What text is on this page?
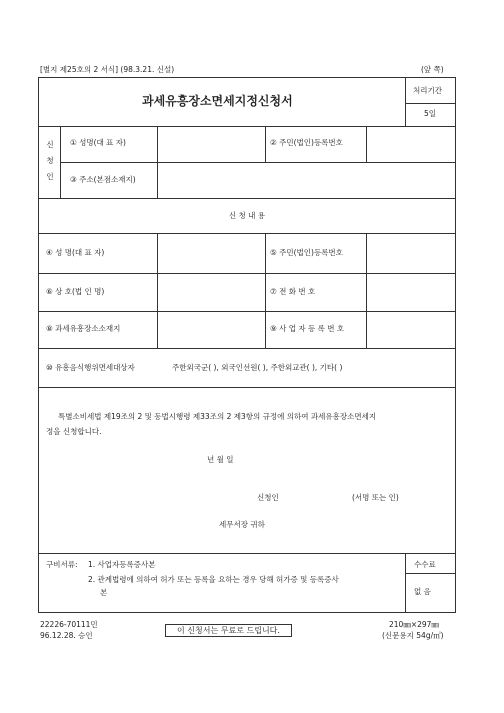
[별지 제25호의 2 서식] (98.3.21. 신설)	(앞 쪽)
과세유흥장소면세지정신청서
처리기간
5일
신
청
인
① 성명(대 표 자)	② 주민(법인)등록번호
③ 주소(본점소재지)
신 청 내 용
④ 성 명(대 표 자)	⑤ 주민(법인)등록번호
⑥ 상 호(법 인 명)	⑦ 전 화 번 호
⑧ 과세유흥장소소재지	⑨ 사 업 자 등 록 번 호
⑩ 유흥음식행위면세대상자	주한외국군( ), 외국인선원( ), 주한외교관( ), 기타( )
특별소비세법 제19조의 2 및 동법시행령 제33조의 2 제3항의 규정에 의하여 과세유흥장소면세지
정을 신청합니다.
년 월 일
신청인	(서명 또는 인)
세무서장 귀하
구비서류: 1. 사업자등록증사본
2. 관계법령에 의하여 허가 또는 등록을 요하는 경우 당해 허가증 및 등록증사
본
수수료
없 음
22226-70111민
96.12.28. 승인
이 신청서는 무료로 드립니다.
210㎜×297㎜
(신문용지 54g/㎡)
